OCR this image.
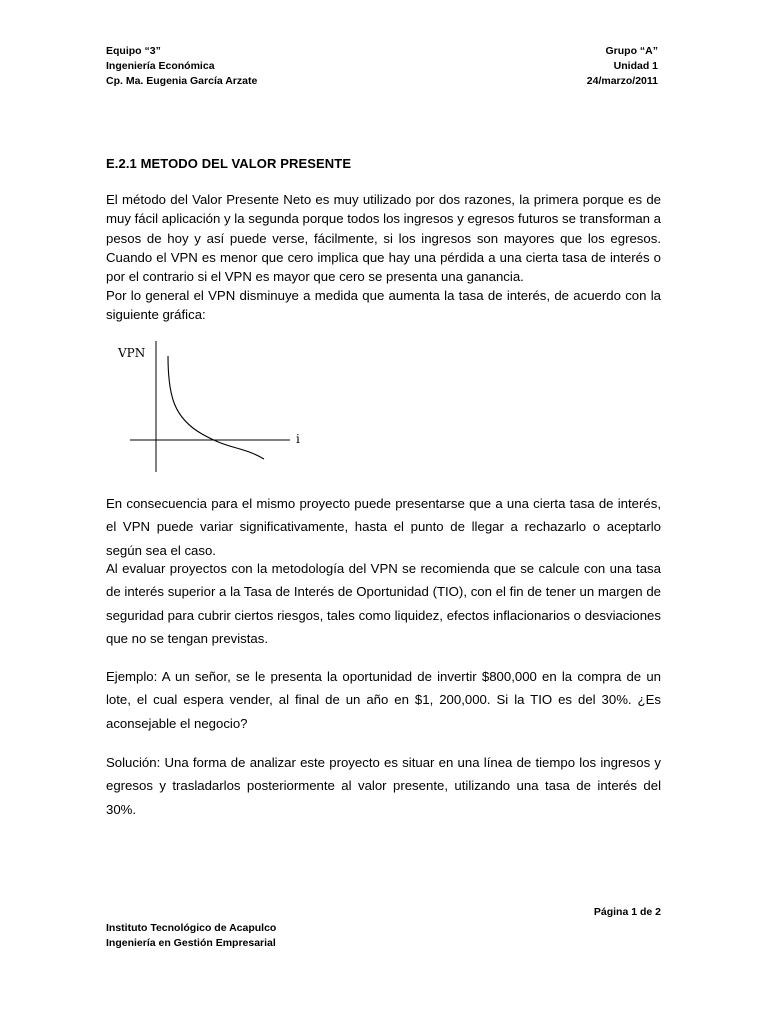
Equipo “3”
Ingeniería Económica
Cp. Ma. Eugenia García Arzate
Grupo “A”
Unidad 1
24/marzo/2011
E.2.1 METODO DEL VALOR PRESENTE

El método del Valor Presente Neto es muy utilizado por dos razones, la primera porque es de muy fácil aplicación y la segunda porque todos los ingresos y egresos futuros se transforman a pesos de hoy y así puede verse, fácilmente, si los ingresos son mayores que los egresos. Cuando el VPN es menor que cero implica que hay una pérdida a una cierta tasa de interés o por el contrario si el VPN es mayor que cero se presenta una ganancia.

Por lo general el VPN disminuye a medida que aumenta la tasa de interés, de acuerdo con la siguiente gráfica:

VPN
i

En consecuencia para el mismo proyecto puede presentarse que a una cierta tasa de interés, el VPN puede variar significativamente, hasta el punto de llegar a rechazarlo o aceptarlo según sea el caso.

Al evaluar proyectos con la metodología del VPN se recomienda que se calcule con una tasa de interés superior a la Tasa de Interés de Oportunidad (TIO), con el fin de tener un margen de seguridad para cubrir ciertos riesgos, tales como liquidez, efectos inflacionarios o desviaciones que no se tengan previstas.

Ejemplo: A un señor, se le presenta la oportunidad de invertir $800,000 en la compra de un lote, el cual espera vender, al final de un año en $1, 200,000. Si la TIO es del 30%. ¿Es aconsejable el negocio?

Solución: Una forma de analizar este proyecto es situar en una línea de tiempo los ingresos y egresos y trasladarlos posteriormente al valor presente, utilizando una tasa de interés del 30%.

Página 1 de 2
Instituto Tecnológico de Acapulco
Ingeniería en Gestión Empresarial
